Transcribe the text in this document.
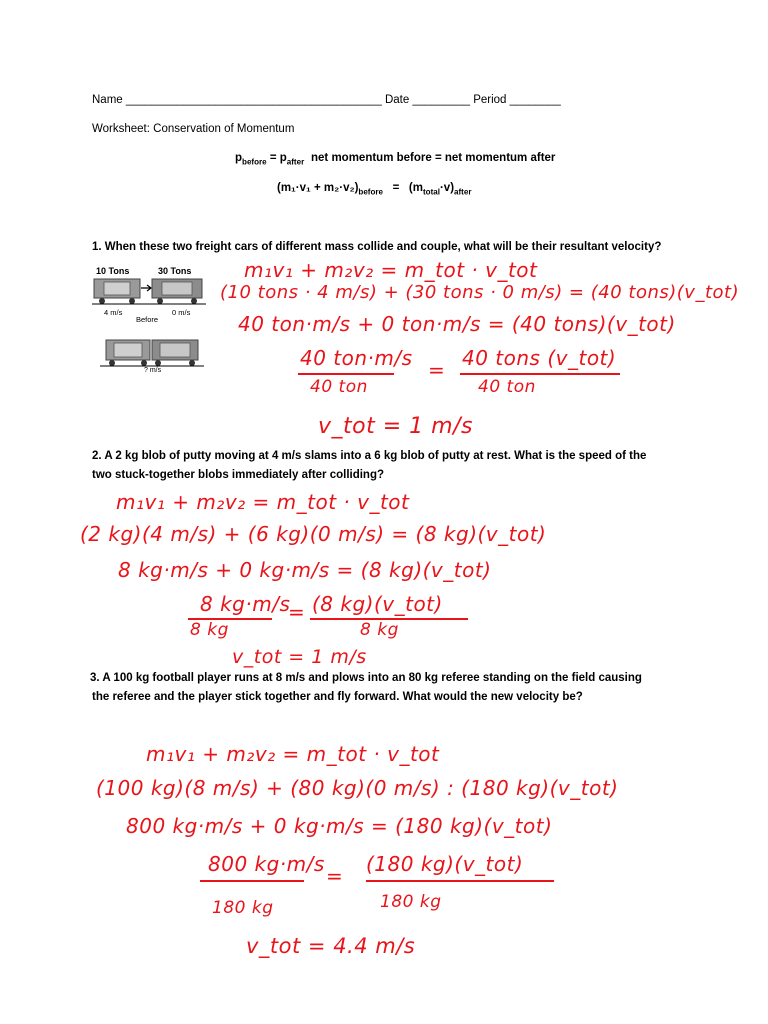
Name ________________________________________ Date _________ Period ________
Worksheet: Conservation of Momentum
$p_{before} = p_{after}$ net momentum before = net momentum after
$(m_1\cdot v_1 + m_2\cdot v_2)_{before} = (m_{total}\cdot v)_{after}$
1. When these two freight cars of different mass collide and couple, what will be their resultant velocity?
10 Tons	30 Tons
4 m/s	0 m/s
Before
? m/s
m₁v₁ + m₂v₂ = m_tot · v_tot
(10 tons · 4 m/s) + (30 tons · 0 m/s) = (40 tons)(v_tot)
40 ton·m/s + 0 ton·m/s = (40 tons)(v_tot)
40 ton·m/s
40 ton
= 40 tons (v_tot)
40 ton
v_tot = 1 m/s
2. A 2 kg blob of putty moving at 4 m/s slams into a 6 kg blob of putty at rest. What is the speed of the
two stuck-together blobs immediately after colliding?
m₁v₁ + m₂v₂ = m_tot · v_tot
(2 kg)(4 m/s) + (6 kg)(0 m/s) = (8 kg)(v_tot)
8 kg·m/s + 0 kg·m/s = (8 kg)(v_tot)
8 kg·m/s
8 kg
= (8 kg)(v_tot)
8 kg
v_tot = 1 m/s
3. A 100 kg football player runs at 8 m/s and plows into an 80 kg referee standing on the field causing
the referee and the player stick together and fly forward. What would the new velocity be?
m₁v₁ + m₂v₂ = m_tot · v_tot
(100 kg)(8 m/s) + (80 kg)(0 m/s) : (180 kg)(v_tot)
800 kg·m/s + 0 kg·m/s = (180 kg)(v_tot)
800 kg·m/s
180 kg
= (180 kg)(v_tot)
180 kg
v_tot = 4.4 m/s
